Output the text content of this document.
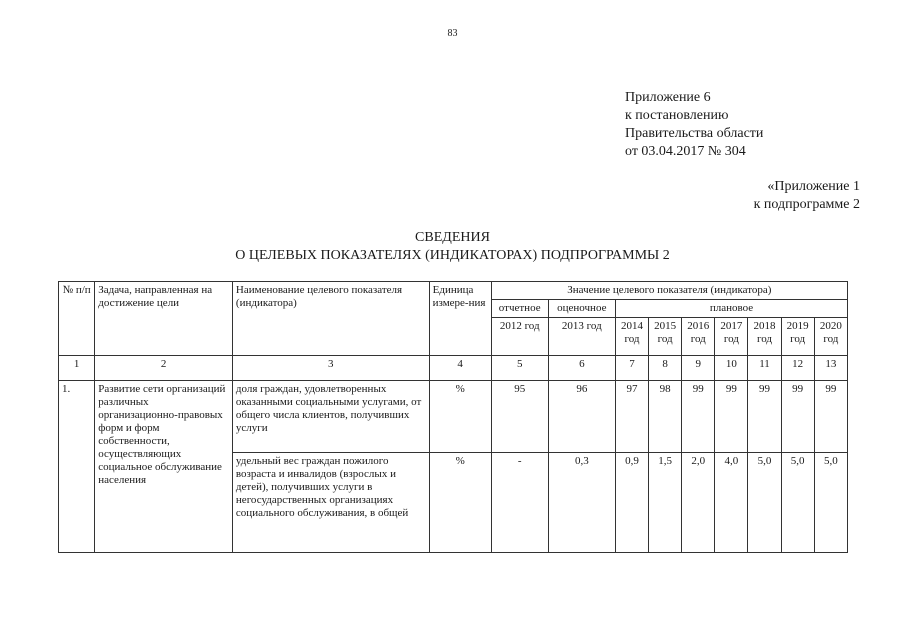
83
Приложение 6
к постановлению
Правительства области
от 03.04.2017 № 304
«Приложение 1
к подпрограмме 2
СВЕДЕНИЯ
О ЦЕЛЕВЫХ ПОКАЗАТЕЛЯХ (ИНДИКАТОРАХ) ПОДПРОГРАММЫ 2
№ п/п	Задача, направленная на достижение цели	Наименование целевого показателя (индикатора)	Единица измере-ния	Значение целевого показателя (индикатора)								
				отчетное	оценочное	плановое						
				2012 год	2013 год	2014 год	2015 год	2016 год	2017 год	2018 год	2019 год	2020 год
1	2	3	4	5	6	7	8	9	10	11	12	13
1.	Развитие сети организаций различных организационно-правовых форм и форм собственности, осуществляющих социальное обслуживание населения	доля граждан, удовлетворенных оказанными социальными услугами, от общего числа клиентов, получивших услуги	%	95	96	97	98	99	99	99	99	99
		удельный вес граждан пожилого возраста и инвалидов (взрослых и детей), получивших услуги в негосударственных организациях социального обслуживания, в общей	%	-	0,3	0,9	1,5	2,0	4,0	5,0	5,0	5,0
